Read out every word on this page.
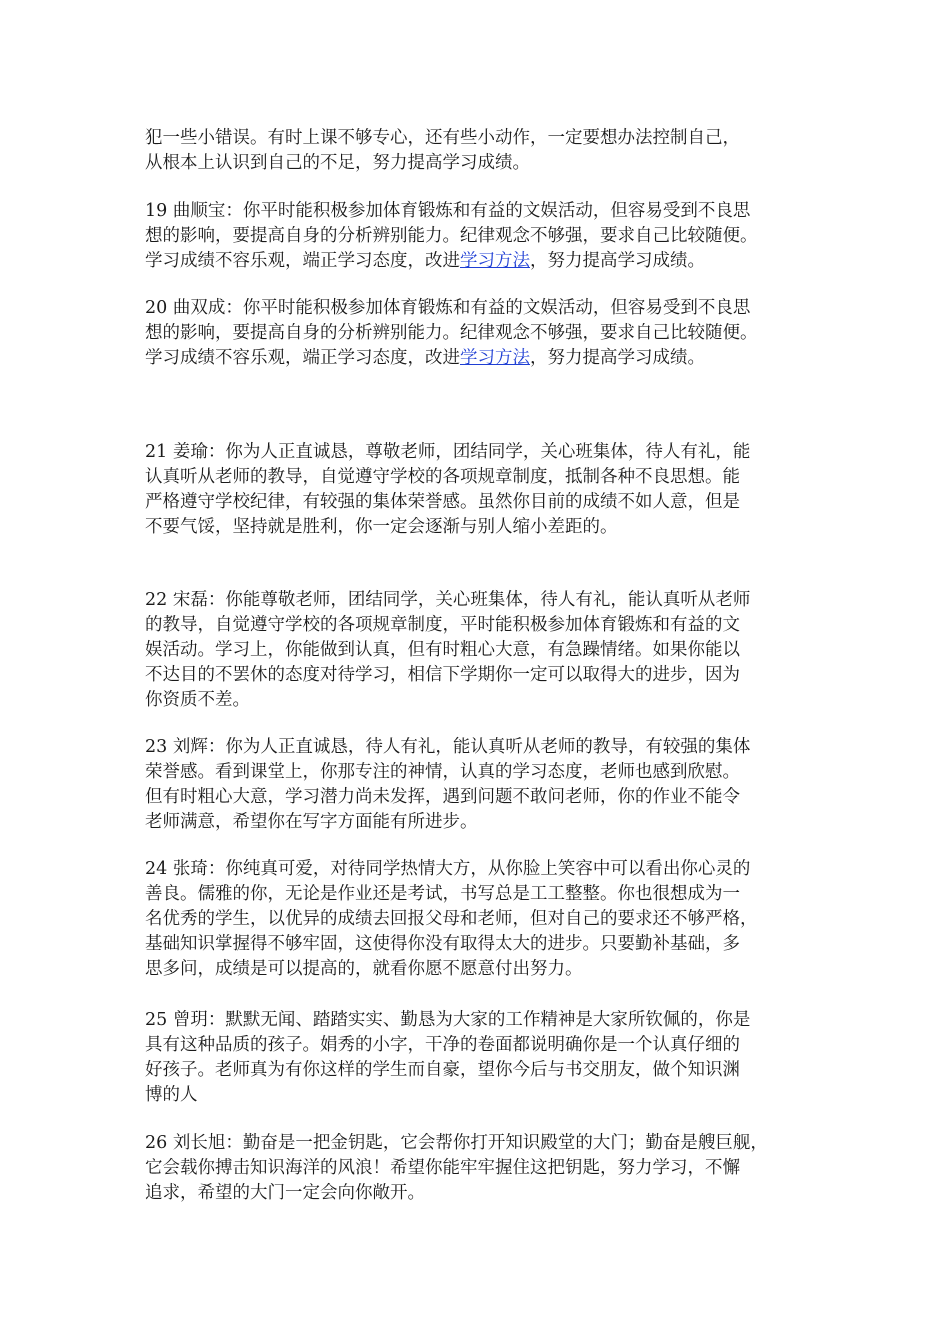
犯一些小错误。有时上课不够专心，还有些小动作，一定要想办法控制自己，
从根本上认识到自己的不足，努力提高学习成绩。
19 曲顺宝：你平时能积极参加体育锻炼和有益的文娱活动，但容易受到不良思
想的影响，要提高自身的分析辨别能力。纪律观念不够强，要求自己比较随便。
学习成绩不容乐观，端正学习态度，改进学习方法，努力提高学习成绩。
20 曲双成：你平时能积极参加体育锻炼和有益的文娱活动，但容易受到不良思
想的影响，要提高自身的分析辨别能力。纪律观念不够强，要求自己比较随便。
学习成绩不容乐观，端正学习态度，改进学习方法，努力提高学习成绩。
21 姜瑜：你为人正直诚恳，尊敬老师，团结同学，关心班集体，待人有礼，能
认真听从老师的教导，自觉遵守学校的各项规章制度，抵制各种不良思想。能
严格遵守学校纪律，有较强的集体荣誉感。虽然你目前的成绩不如人意，但是
不要气馁，坚持就是胜利，你一定会逐渐与别人缩小差距的。
22 宋磊：你能尊敬老师，团结同学，关心班集体，待人有礼，能认真听从老师
的教导，自觉遵守学校的各项规章制度，平时能积极参加体育锻炼和有益的文
娱活动。学习上，你能做到认真，但有时粗心大意，有急躁情绪。如果你能以
不达目的不罢休的态度对待学习，相信下学期你一定可以取得大的进步，因为
你资质不差。
23 刘辉：你为人正直诚恳，待人有礼，能认真听从老师的教导，有较强的集体
荣誉感。看到课堂上，你那专注的神情，认真的学习态度，老师也感到欣慰。
但有时粗心大意，学习潜力尚未发挥，遇到问题不敢问老师，你的作业不能令
老师满意，希望你在写字方面能有所进步。
24 张琦：你纯真可爱，对待同学热情大方，从你脸上笑容中可以看出你心灵的
善良。儒雅的你，无论是作业还是考试，书写总是工工整整。你也很想成为一
名优秀的学生，以优异的成绩去回报父母和老师，但对自己的要求还不够严格，
基础知识掌握得不够牢固，这使得你没有取得太大的进步。只要勤补基础，多
思多问，成绩是可以提高的，就看你愿不愿意付出努力。
25 曾玥：默默无闻、踏踏实实、勤恳为大家的工作精神是大家所钦佩的，你是
具有这种品质的孩子。娟秀的小字，干净的卷面都说明确你是一个认真仔细的
好孩子。老师真为有你这样的学生而自豪，望你今后与书交朋友，做个知识渊
博的人
26 刘长旭：勤奋是一把金钥匙，它会帮你打开知识殿堂的大门；勤奋是艘巨舰，
它会载你搏击知识海洋的风浪！希望你能牢牢握住这把钥匙，努力学习，不懈
追求，希望的大门一定会向你敞开。
